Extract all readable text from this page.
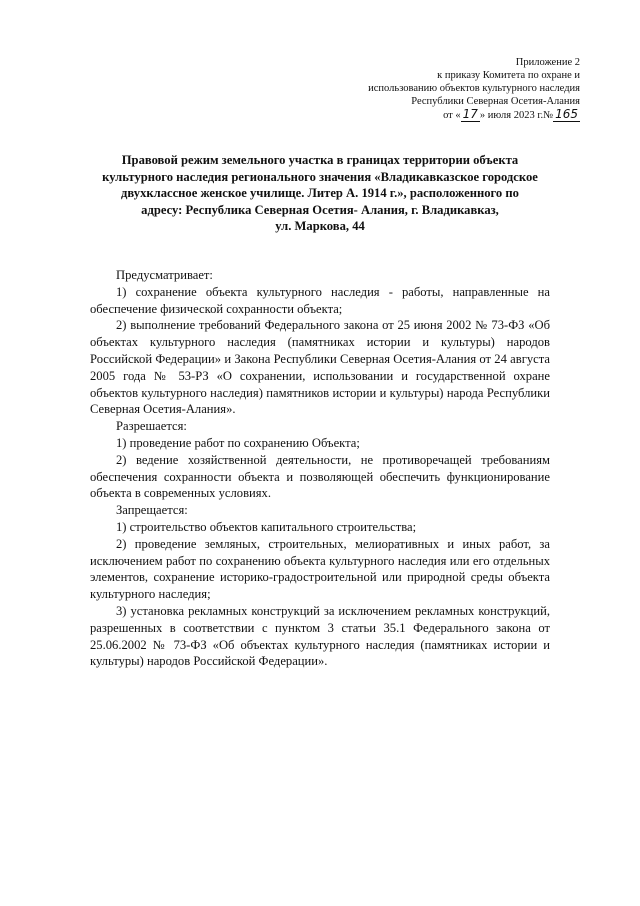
Приложение 2
к приказу Комитета по охране и
использованию объектов культурного наследия
Республики Северная Осетия-Алания
от « 17 » июля 2023 г.№ 165
Правовой режим земельного участка в границах территории объекта
культурного наследия регионального значения «Владикавказское городское
двухклассное женское училище. Литер А. 1914 г.», расположенного по
адресу: Республика Северная Осетия- Алания, г. Владикавказ,
ул. Маркова, 44

Предусматривает:

1) сохранение объекта культурного наследия - работы, направленные на обеспечение физической сохранности объекта;

2) выполнение требований Федерального закона от 25 июня 2002 № 73-ФЗ «Об объектах культурного наследия (памятниках истории и культуры) народов Российской Федерации» и Закона Республики Северная Осетия-Алания от 24 августа 2005 года № 53-РЗ «О сохранении, использовании и государственной охране объектов культурного наследия) памятников истории и культуры) народа Республики Северная Осетия-Алания».

Разрешается:

1) проведение работ по сохранению Объекта;

2) ведение хозяйственной деятельности, не противоречащей требованиям обеспечения сохранности объекта и позволяющей обеспечить функционирование объекта в современных условиях.

Запрещается:

1) строительство объектов капитального строительства;

2) проведение земляных, строительных, мелиоративных и иных работ, за исключением работ по сохранению объекта культурного наследия или его отдельных элементов, сохранение историко-градостроительной или природной среды объекта культурного наследия;

3) установка рекламных конструкций за исключением рекламных конструкций, разрешенных в соответствии с пунктом 3 статьи 35.1 Федерального закона от 25.06.2002 № 73-ФЗ «Об объектах культурного наследия (памятниках истории и культуры) народов Российской Федерации».
